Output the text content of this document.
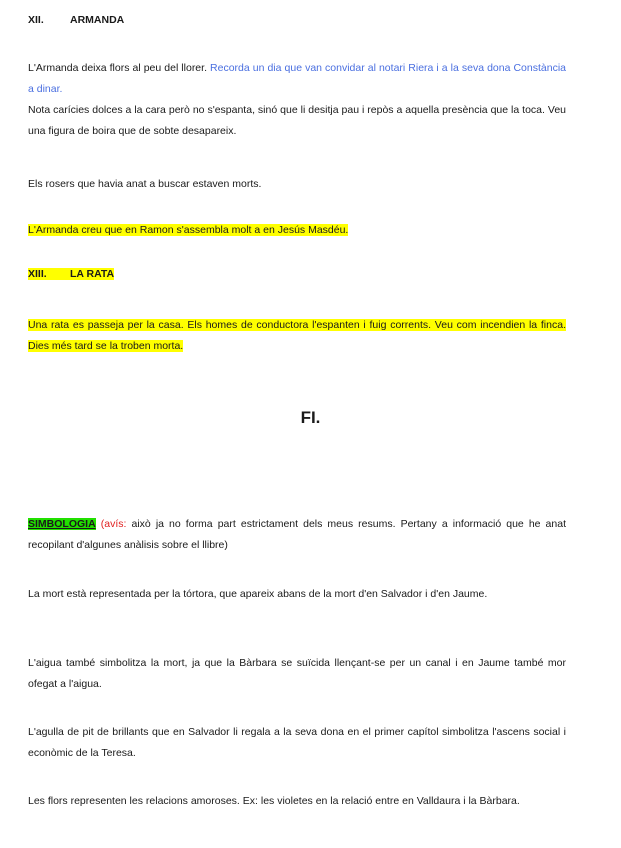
XII. ARMANDA

L'Armanda deixa flors al peu del llorer. Recorda un dia que van convidar al notari Riera i a la seva dona Constància a dinar.

Nota carícies dolces a la cara però no s'espanta, sinó que li desitja pau i repòs a aquella presència que la toca. Veu una figura de boira que de sobte desapareix.

Els rosers que havia anat a buscar estaven morts.

L'Armanda creu que en Ramon s'assembla molt a en Jesús Masdéu.

XIII. LA RATA

Una rata es passeja per la casa. Els homes de conductora l'espanten i fuig corrents. Veu com incendien la finca. Dies més tard se la troben morta.

FI.

SIMBOLOGIA (avís: això ja no forma part estrictament dels meus resums. Pertany a informació que he anat recopilant d'algunes anàlisis sobre el llibre)

La mort està representada per la tórtora, que apareix abans de la mort d'en Salvador i d'en Jaume.

L'aigua també simbolitza la mort, ja que la Bàrbara se suïcida llençant-se per un canal i en Jaume també mor ofegat a l'aigua.

L'agulla de pit de brillants que en Salvador li regala a la seva dona en el primer capítol simbolitza l'ascens social i econòmic de la Teresa.

Les flors representen les relacions amoroses. Ex: les violetes en la relació entre en Valldaura i la Bàrbara.
